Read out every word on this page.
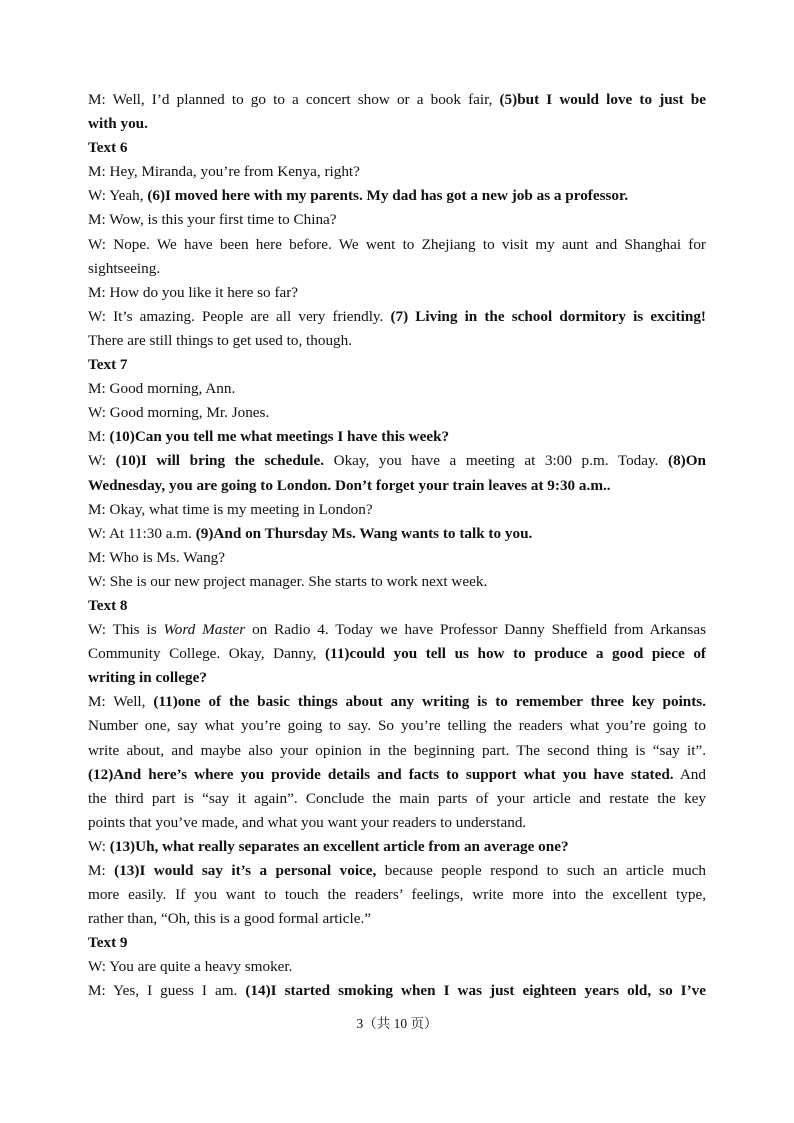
M: Well, I’d planned to go to a concert show or a book fair, (5)but I would love to just be
with you.
Text 6
M: Hey, Miranda, you’re from Kenya, right?
W: Yeah, (6)I moved here with my parents. My dad has got a new job as a professor.
M: Wow, is this your first time to China?
W: Nope. We have been here before. We went to Zhejiang to visit my aunt and Shanghai for
sightseeing.
M: How do you like it here so far?
W: It’s amazing. People are all very friendly. (7) Living in the school dormitory is exciting!
There are still things to get used to, though.
Text 7
M: Good morning, Ann.
W: Good morning, Mr. Jones.
M: (10)Can you tell me what meetings I have this week?
W: (10)I will bring the schedule. Okay, you have a meeting at 3:00 p.m. Today. (8)On
Wednesday, you are going to London. Don’t forget your train leaves at 9:30 a.m..
M: Okay, what time is my meeting in London?
W: At 11:30 a.m. (9)And on Thursday Ms. Wang wants to talk to you.
M: Who is Ms. Wang?
W: She is our new project manager. She starts to work next week.
Text 8
W: This is Word Master on Radio 4. Today we have Professor Danny Sheffield from Arkansas
Community College. Okay, Danny, (11)could you tell us how to produce a good piece of
writing in college?
M: Well, (11)one of the basic things about any writing is to remember three key points.
Number one, say what you’re going to say. So you’re telling the readers what you’re going to
write about, and maybe also your opinion in the beginning part. The second thing is “say it”.
(12)And here’s where you provide details and facts to support what you have stated. And
the third part is “say it again”. Conclude the main parts of your article and restate the key
points that you’ve made, and what you want your readers to understand.
W: (13)Uh, what really separates an excellent article from an average one?
M: (13)I would say it’s a personal voice, because people respond to such an article much
more easily. If you want to touch the readers’ feelings, write more into the excellent type,
rather than, “Oh, this is a good formal article.”
Text 9
W: You are quite a heavy smoker.
M: Yes, I guess I am. (14)I started smoking when I was just eighteen years old, so I’ve
3（共 10 页）
